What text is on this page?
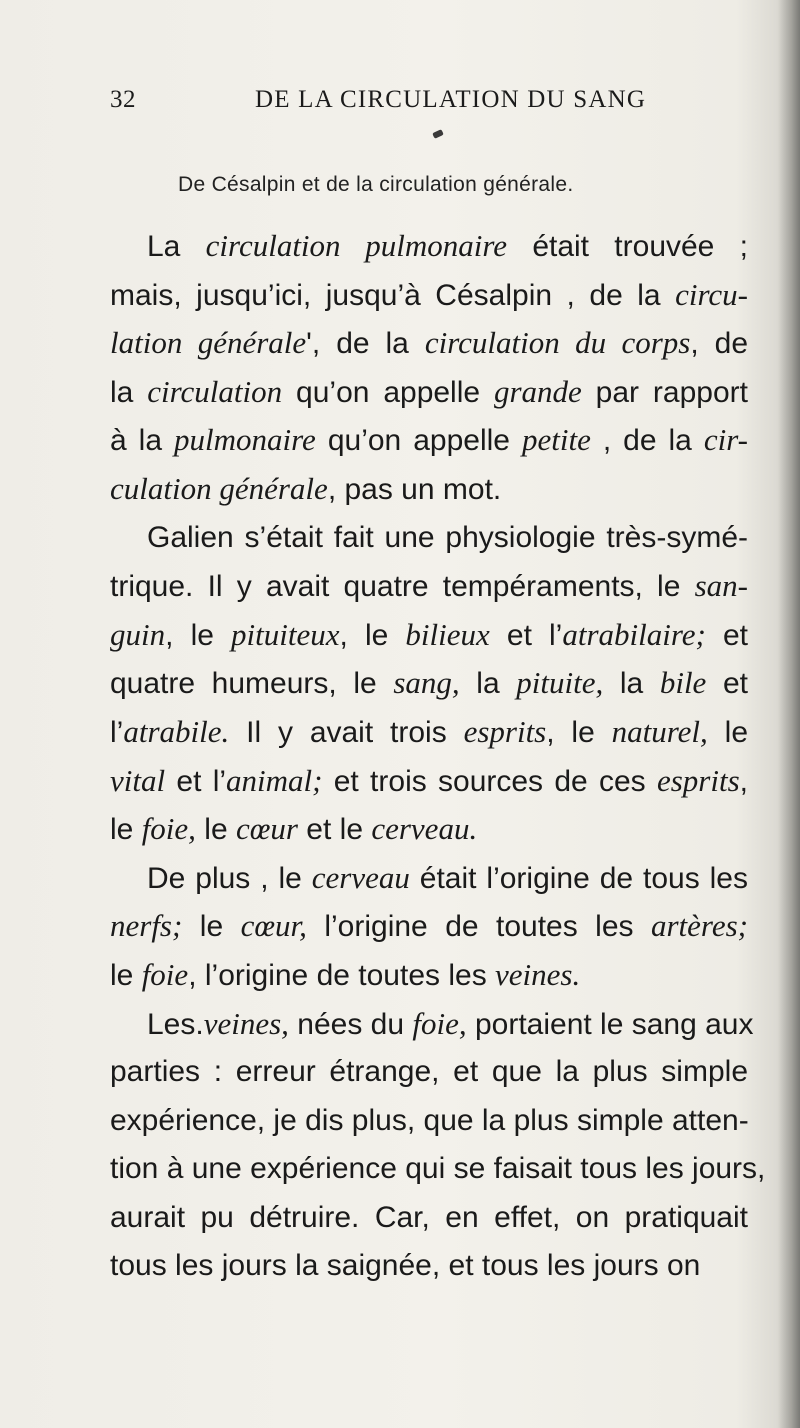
32	DE LA CIRCULATION DU SANG
De Césalpin et de la circulation générale.
La circulation pulmonaire était trouvée ;
mais, jusqu’ici, jusqu’à Césalpin , de la circu-
lation générale', de la circulation du corps, de
la circulation qu’on appelle grande par rapport
à la pulmonaire qu’on appelle petite , de la cir-
culation générale, pas un mot.
Galien s’était fait une physiologie très-symé-
trique. Il y avait quatre tempéraments, le san-
guin, le pituiteux, le bilieux et l’atrabilaire; et
quatre humeurs, le sang, la pituite, la bile et
l’atrabile. Il y avait trois esprits, le naturel, le
vital et l’animal; et trois sources de ces esprits,
le foie, le cœur et le cerveau.
De plus , le cerveau était l’origine de tous les
nerfs; le cœur, l’origine de toutes les artères;
le foie, l’origine de toutes les veines.
Les.veines, nées du foie, portaient le sang aux
parties : erreur étrange, et que la plus simple
expérience, je dis plus, que la plus simple atten-
tion à une expérience qui se faisait tous les jours,
aurait pu détruire. Car, en effet, on pratiquait
tous les jours la saignée, et tous les jours on
